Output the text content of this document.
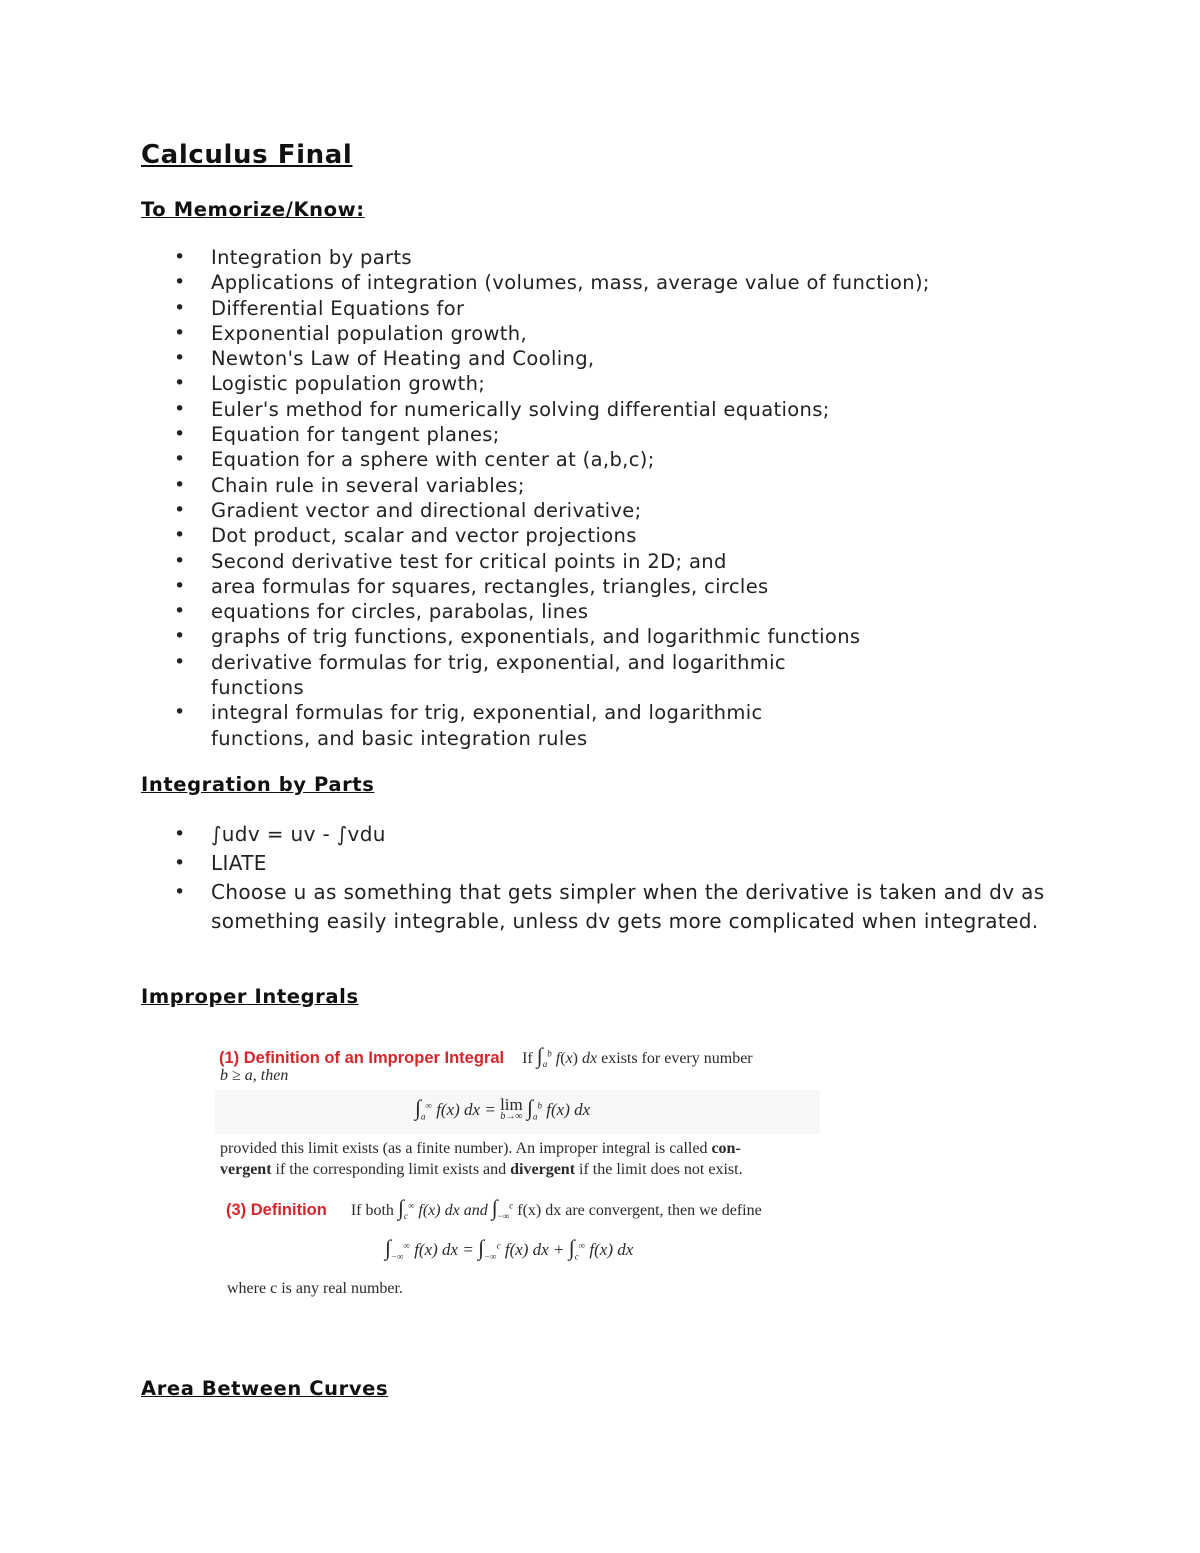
Calculus Final
To Memorize/Know:
• Integration by parts
• Applications of integration (volumes, mass, average value of function);
• Differential Equations for
• Exponential population growth,
• Newton's Law of Heating and Cooling,
• Logistic population growth;
• Euler's method for numerically solving differential equations;
• Equation for tangent planes;
• Equation for a sphere with center at (a,b,c);
• Chain rule in several variables;
• Gradient vector and directional derivative;
• Dot product, scalar and vector projections
• Second derivative test for critical points in 2D; and
• area formulas for squares, rectangles, triangles, circles
• equations for circles, parabolas, lines
• graphs of trig functions, exponentials, and logarithmic functions
• derivative formulas for trig, exponential, and logarithmic functions
• integral formulas for trig, exponential, and logarithmic functions, and basic integration rules
Integration by Parts
• ∫udv = uv - ∫vdu
• LIATE
• Choose u as something that gets simpler when the derivative is taken and dv as something easily integrable, unless dv gets more complicated when integrated.
Improper Integrals
(1) Definition of an Improper Integral If $\int_a^b$ f(x) dx exists for every number
b ≥ a, then
$\int_a^\infty$ f(x) dx = lim
b→∞ $\int_a^b$ f(x) dx
provided this limit exists (as a finite number). An improper integral is called con-
vergent if the corresponding limit exists and divergent if the limit does not exist.
(3) Definition If both $\int_c^\infty$ f(x) dx and $\int_{-\infty}^c$ f(x) dx are convergent, then we define
$\int_{-\infty}^\infty$ f(x) dx = $\int_{-\infty}^c$ f(x) dx + $\int_c^\infty$ f(x) dx
where c is any real number.
Area Between Curves
